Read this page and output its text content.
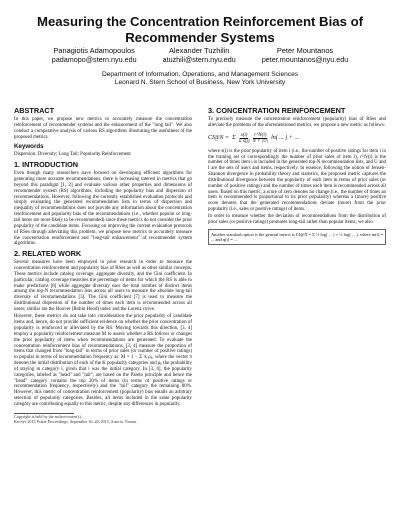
Measuring the Concentration Reinforcement Bias of Recommender Systems
Panagiotis Adamopoulos
padamopo@stern.nyu.edu
Alexander Tuzhilin
atuzhili@stern.nyu.edu
Peter Mountanos
peter.mountanos@nyu.edu
Department of Information, Operations, and Management Sciences
Leonard N. Stern School of Business, New York University
ABSTRACT

In this paper, we propose new metrics to accurately measure the concentration reinforcement of recommender systems and the enhancement of the "long tail". We also conduct a comparative analysis of various RS algorithms illustrating the usefulness of the proposed metrics.

Keywords

Dispersion; Diversity; Long Tail; Popularity Reinforcement

1. INTRODUCTION

Even though many researchers have focused on developing efficient algorithms for generating more accurate recommendations, there is increasing interest in metrics that go beyond this paradigm [1, 2] and evaluate various other properties and dimensions of recommender system (RS) algorithms, including the popularity bias and dispersion of recommendations. However, following the currently established evaluation protocols and simply evaluating the generated recommendation lists in terms of dispersion and inequality of recommendations does not provide any information about the concentration reinforcement and popularity bias of the recommendations (i.e., whether popular or long-tail items are more likely to be recommended) since these metrics do not consider the prior popularity of the candidate items. Focusing on improving the current evaluation protocols of RSes through alleviating this problem, we propose new metrics to accurately measure the concentration reinforcement and "long-tail enhancement" of recommender system algorithms.

2. RELATED WORK

Several measures have been employed in prior research in order to measure the concentration reinforcement and popularity bias of RSes as well as other similar concepts. These metrics include catalog coverage, aggregate diversity, and the Gini coefficient. In particular, catalog coverage measures the percentage of items for which the RS is able to make predictions [8] while aggregate diversity uses the total number of distinct items among the top-N recommendation lists across all users to measure the absolute long-tail diversity of recommendations [3]. The Gini coefficient [7] is used to measure the distributional dispersion of the number of times each item is recommended across all users; similar are the Hoover (Robin Hood) index and the Lorenz curve.

However, these metrics do not take into consideration the prior popularity of candidate items and, hence, do not provide sufficient evidence on whether the prior concentration of popularity is reinforced or alleviated by the RS. Moving towards this direction, [3, 4] employ a popularity reinforcement measure M to assess whether a RS follows or changes the prior popularity of items when recommendations are generated. To evaluate the concentration reinforcement bias of recommendations, [3, 4] measure the proportion of items that changed from "long-tail" in terms of prior sales (or number of positive ratings) to popular in terms of recommendation frequency as: M = 1 − Σ πᵢ ρᵢᵢ, where the vector π denotes the initial distribution of each of the K popularity categories and ρᵢᵢ the probability of staying in category i, given that i was the initial category. In [3, 4], the popularity categories, labeled as "head" and "tail", are based on the Pareto principle and hence the "head" category contains the top 20% of items (in terms of positive ratings or recommendation frequency, respectively) and the "tail" category the remaining 80%. However, this metric of concentration reinforcement (popularity) bias entails an arbitrary selection of popularity categories. Besides, all items included in the same popularity category are contributing equally to this metric, despite any differences in popularity.

Copyright is held by the author/owner(s).
RecSys 2015 Poster Proceedings, September 16–20, 2015, Austria, Vienna.
3. CONCENTRATION REINFORCEMENT

To precisely measure the concentration reinforcement (popularity) bias of RSes and alleviate the problems of the aforementioned metrics, we propose a new metric as follows:

CI@N = Σ $\frac{s(i)}{\text{Σ s(j)}} \frac{r\^{}N(i)}{N \times |U|} \ln$( ... ) + ...

where s(i) is the prior popularity of item i (i.e., the number of positive ratings for item i in the training set or correspondingly the number of prior sales of item i), r^N(i) is the number of times item i is included in the generated top-N recommendation lists, and U and I are the sets of users and items, respectively. In essence, following the notion of Jensen-Shannon divergence in probability theory and statistics, the proposed metric captures the distributional divergence between the popularity of each item in terms of prior sales (or number of positive ratings) and the number of times each item is recommended across all users. Based on this metric, a score of zero denotes no change (i.e., the number of times an item is recommended is proportional to its prior popularity) whereas a (more) positive score denotes that the generated recommendations deviate (more) from the prior popularity (i.e., sales or positive ratings) of items.

In order to measure whether the deviation of recommendations from the distribution of prior sales (or positive ratings) promotes long-tail rather than popular items, we also

Another standard option is the general metric is CI@N = Σ ½ log( ... ) + ½ log( ... ), where m(i) = ... and q(i) = ...
